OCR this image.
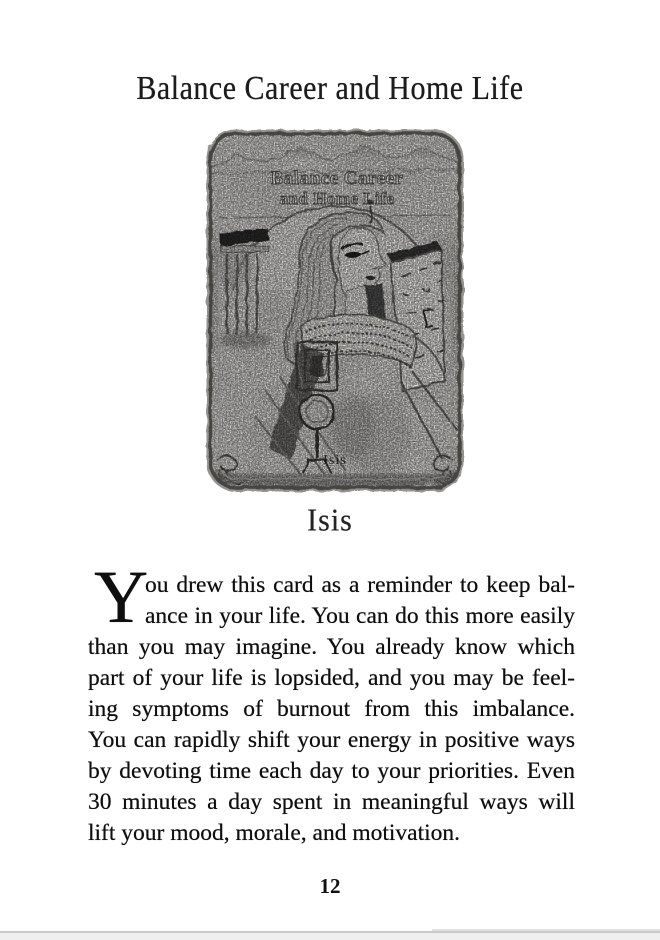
Balance Career and Home Life
Isis
Y
ou drew this card as a reminder to keep bal-
ance in your life. You can do this more easily
than you may imagine. You already know which
part of your life is lopsided, and you may be feel-
ing symptoms of burnout from this imbalance.
You can rapidly shift your energy in positive ways
by devoting time each day to your priorities. Even
30 minutes a day spent in meaningful ways will
lift your mood, morale, and motivation.
12
